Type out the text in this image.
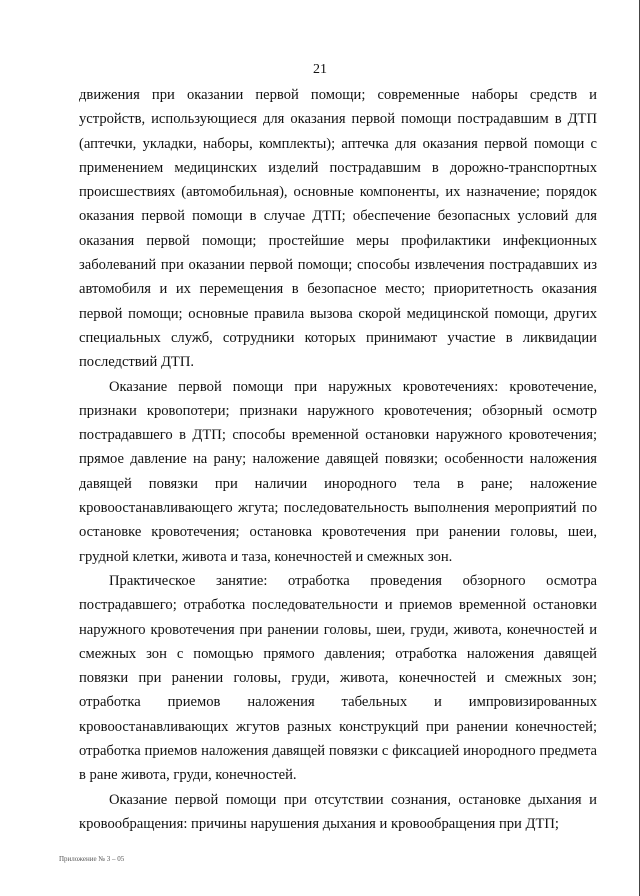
21

движения при оказании первой помощи; современные наборы средств и устройств, использующиеся для оказания первой помощи пострадавшим в ДТП (аптечки, укладки, наборы, комплекты); аптечка для оказания первой помощи с применением медицинских изделий пострадавшим в дорожно-транспортных происшествиях (автомобильная), основные компоненты, их назначение; порядок оказания первой помощи в случае ДТП; обеспечение безопасных условий для оказания первой помощи; простейшие меры профилактики инфекционных заболеваний при оказании первой помощи; способы извлечения пострадавших из автомобиля и их перемещения в безопасное место; приоритетность оказания первой помощи; основные правила вызова скорой медицинской помощи, других специальных служб, сотрудники которых принимают участие в ликвидации последствий ДТП.

Оказание первой помощи при наружных кровотечениях: кровотечение, признаки кровопотери; признаки наружного кровотечения; обзорный осмотр пострадавшего в ДТП; способы временной остановки наружного кровотечения; прямое давление на рану; наложение давящей повязки; особенности наложения давящей повязки при наличии инородного тела в ране; наложение кровоостанавливающего жгута; последовательность выполнения мероприятий по остановке кровотечения; остановка кровотечения при ранении головы, шеи, грудной клетки, живота и таза, конечностей и смежных зон.

Практическое занятие: отработка проведения обзорного осмотра пострадавшего; отработка последовательности и приемов временной остановки наружного кровотечения при ранении головы, шеи, груди, живота, конечностей и смежных зон с помощью прямого давления; отработка наложения давящей повязки при ранении головы, груди, живота, конечностей и смежных зон; отработка приемов наложения табельных и импровизированных кровоостанавливающих жгутов разных конструкций при ранении конечностей; отработка приемов наложения давящей повязки с фиксацией инородного предмета в ране живота, груди, конечностей.

Оказание первой помощи при отсутствии сознания, остановке дыхания и кровообращения: причины нарушения дыхания и кровообращения при ДТП;

Приложение № 3 – 05
